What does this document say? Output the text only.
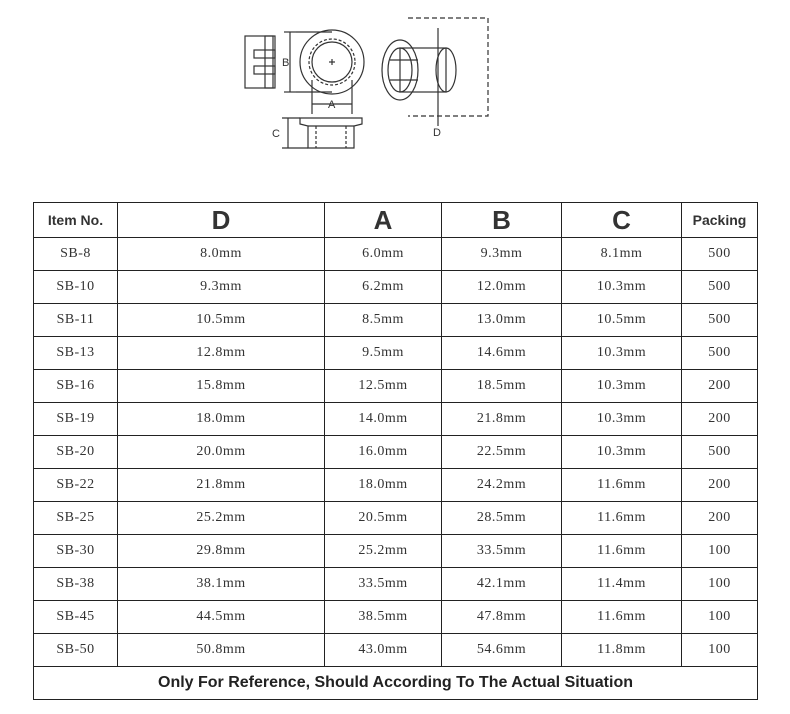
B
A
C	D
Item No.	D	A	B	C	Packing
SB-8	8.0mm	6.0mm	9.3mm	8.1mm	500
SB-10	9.3mm	6.2mm	12.0mm	10.3mm	500
SB-11	10.5mm	8.5mm	13.0mm	10.5mm	500
SB-13	12.8mm	9.5mm	14.6mm	10.3mm	500
SB-16	15.8mm	12.5mm	18.5mm	10.3mm	200
SB-19	18.0mm	14.0mm	21.8mm	10.3mm	200
SB-20	20.0mm	16.0mm	22.5mm	10.3mm	500
SB-22	21.8mm	18.0mm	24.2mm	11.6mm	200
SB-25	25.2mm	20.5mm	28.5mm	11.6mm	200
SB-30	29.8mm	25.2mm	33.5mm	11.6mm	100
SB-38	38.1mm	33.5mm	42.1mm	11.4mm	100
SB-45	44.5mm	38.5mm	47.8mm	11.6mm	100
SB-50	50.8mm	43.0mm	54.6mm	11.8mm	100
Only For Reference, Should According To The Actual Situation					
